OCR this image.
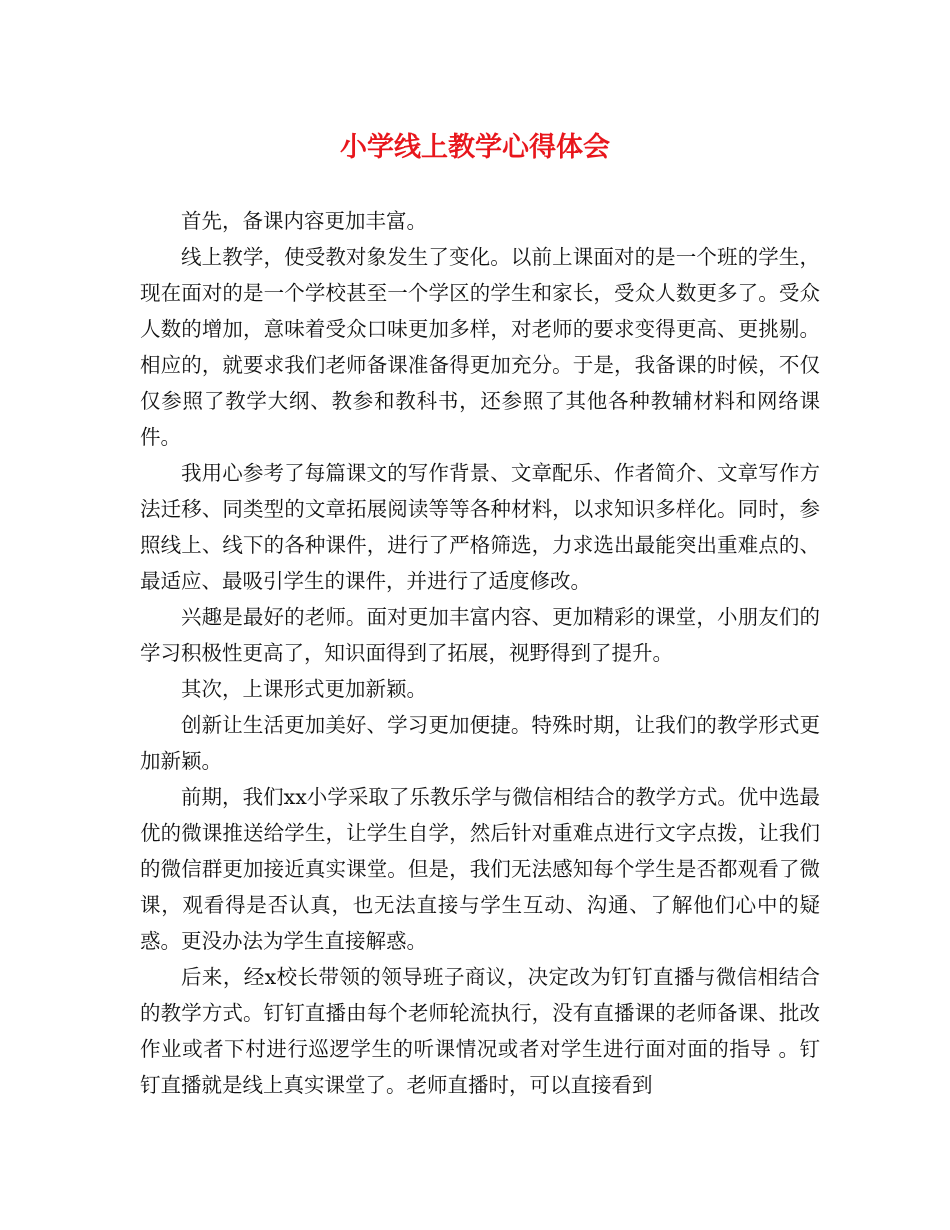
小学线上教学心得体会

首先，备课内容更加丰富。

线上教学，使受教对象发生了变化。以前上课面对的是一个班的学生，现在面对的是一个学校甚至一个学区的学生和家长，受众人数更多了。受众人数的增加，意味着受众口味更加多样，对老师的要求变得更高、更挑剔。相应的，就要求我们老师备课准备得更加充分。于是，我备课的时候，不仅仅参照了教学大纲、教参和教科书，还参照了其他各种教辅材料和网络课件。

我用心参考了每篇课文的写作背景、文章配乐、作者简介、文章写作方法迁移、同类型的文章拓展阅读等等各种材料，以求知识多样化。同时，参照线上、线下的各种课件，进行了严格筛选，力求选出最能突出重难点的、最适应、最吸引学生的课件，并进行了适度修改。

兴趣是最好的老师。面对更加丰富内容、更加精彩的课堂，小朋友们的学习积极性更高了，知识面得到了拓展，视野得到了提升。

其次，上课形式更加新颖。

创新让生活更加美好、学习更加便捷。特殊时期，让我们的教学形式更加新颖。

前期，我们xx小学采取了乐教乐学与微信相结合的教学方式。优中选最优的微课推送给学生，让学生自学，然后针对重难点进行文字点拨，让我们的微信群更加接近真实课堂。但是，我们无法感知每个学生是否都观看了微课，观看得是否认真，也无法直接与学生互动、沟通、了解他们心中的疑惑。更没办法为学生直接解惑。

后来，经x校长带领的领导班子商议，决定改为钉钉直播与微信相结合的教学方式。钉钉直播由每个老师轮流执行，没有直播课的老师备课、批改作业或者下村进行巡逻学生的听课情况或者对学生进行面对面的指导 。钉钉直播就是线上真实课堂了。老师直播时，可以直接看到
